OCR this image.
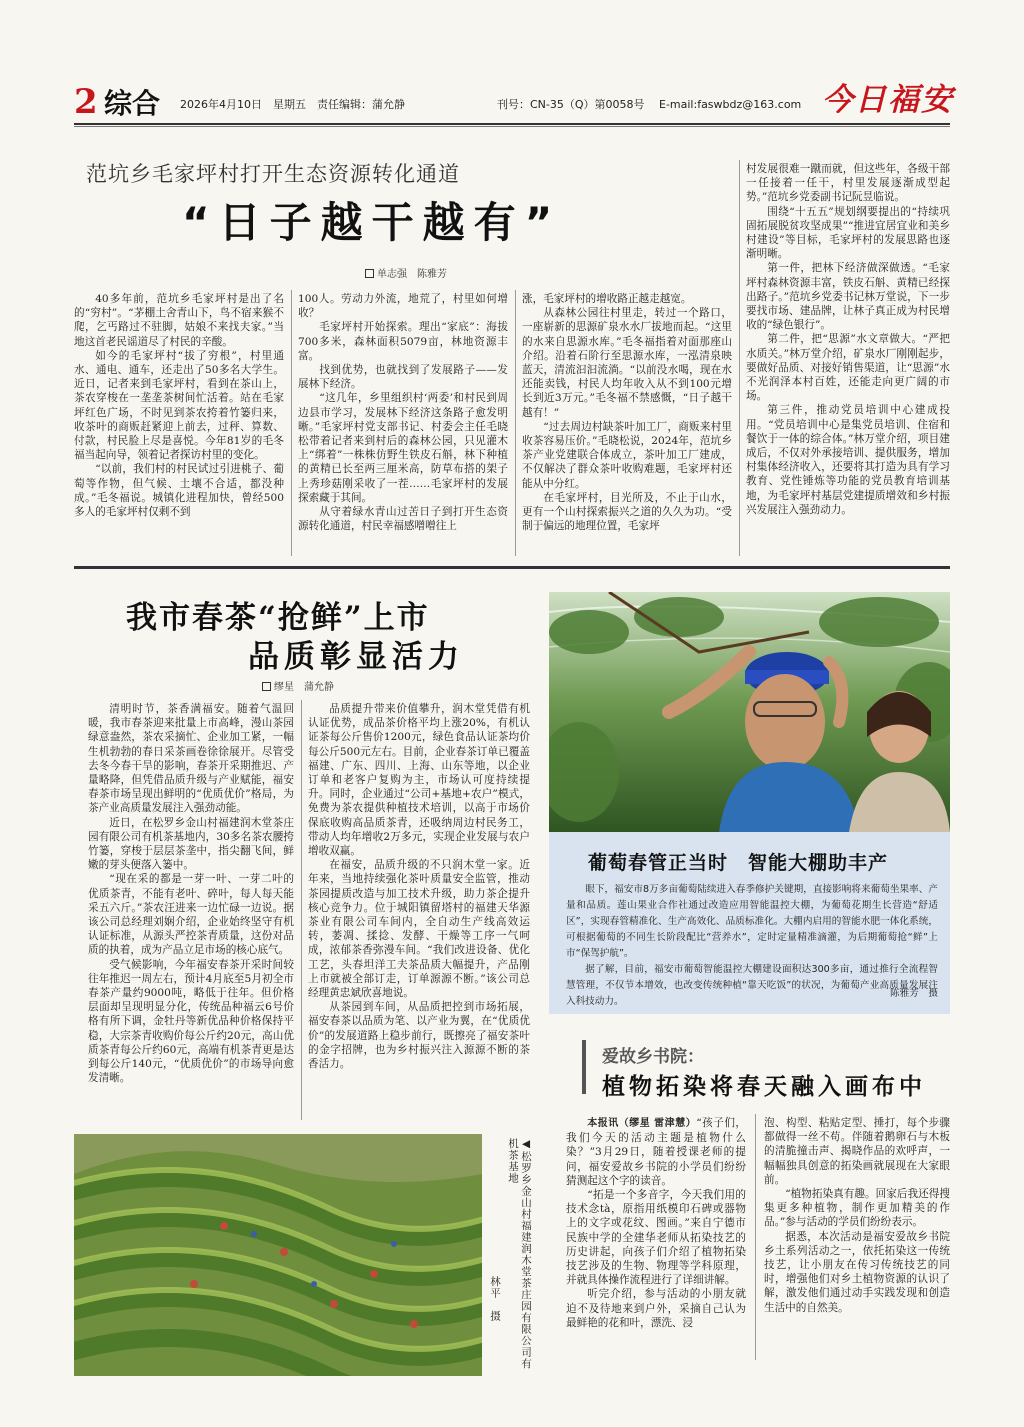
2 综合 2026年4月10日　星期五　责任编辑：蒲允静	刊号：CN-35（Q）第0058号 E-mail:faswbdz@163.com 今日福安
范坑乡毛家坪村打开生态资源转化通道
“日子越干越有”
单志强　陈雅芳

40多年前，范坑乡毛家坪村是出了名的“穷村”。“茅棚土舍青山下，鸟不宿来猴不爬，乞丐路过不驻脚，姑娘不来找夫家。”当地这首老民谣道尽了村民的辛酸。

如今的毛家坪村“拔了穷根”，村里通水、通电、通车，还走出了50多名大学生。近日，记者来到毛家坪村，看到在茶山上，茶农穿梭在一垄垄茶树间忙活着。站在毛家坪红色广场，不时见到茶农挎着竹篓归来，收茶叶的商贩赶紧迎上前去，过秤、算数、付款，村民脸上尽是喜悦。今年81岁的毛冬福当起向导，领着记者探访村里的变化。

“以前，我们村的村民试过引进桃子、葡萄等作物，但气候、土壤不合适，都没种成。”毛冬福说。城镇化进程加快，曾经500多人的毛家坪村仅剩不到

100人。劳动力外流，地荒了，村里如何增收？

毛家坪村开始探索。理出“家底”：海拔700多米，森林面积5079亩，林地资源丰富。

找到优势，也就找到了发展路子——发展林下经济。

“这几年，乡里组织村‘两委’和村民到周边县市学习，发展林下经济这条路子愈发明晰。”毛家坪村党支部书记、村委会主任毛晓松带着记者来到村后的森林公园，只见灌木上“绑着”一株株仿野生铁皮石斛，林下种植的黄精已长至两三厘米高，防草布搭的架子上秀珍菇刚采收了一茬……毛家坪村的发展探索藏于其间。

从守着绿水青山过苦日子到打开生态资源转化通道，村民幸福感噌噌往上

涨，毛家坪村的增收路正越走越宽。

从森林公园往村里走，转过一个路口，一座崭新的思源矿泉水水厂拔地而起。“这里的水来自思源水库。”毛冬福指着对面那座山介绍。沿着石阶行至思源水库，一泓清泉映蓝天，清流汩汩流淌。“以前没水喝，现在水还能卖钱，村民人均年收入从不到100元增长到近3万元。”毛冬福不禁感慨，“日子越干越有！”

“过去周边村缺茶叶加工厂，商贩来村里收茶容易压价。”毛晓松说，2024年，范坑乡茶产业党建联合体成立，茶叶加工厂建成，不仅解决了群众茶叶收购难题，毛家坪村还能从中分红。

在毛家坪村，目光所及，不止于山水，更有一个山村探索振兴之道的久久为功。“受制于偏远的地理位置，毛家坪

村发展很难一蹴而就，但这些年，各级干部一任接着一任干，村里发展逐渐成型起势。”范坑乡党委副书记阮昱临说。

围绕“十五五”规划纲要提出的“持续巩固拓展脱贫攻坚成果”“推进宜居宜业和美乡村建设”等目标，毛家坪村的发展思路也逐渐明晰。

第一件，把林下经济做深做透。“毛家坪村森林资源丰富，铁皮石斛、黄精已经探出路子。”范坑乡党委书记林万堂说，下一步要找市场、建品牌，让林子真正成为村民增收的“绿色银行”。

第二件，把“思源”水文章做大。“严把水质关。”林万堂介绍，矿泉水厂刚刚起步，要做好品质、对接好销售渠道，让“思源”水不光润泽本村百姓，还能走向更广阔的市场。

第三件，推动党员培训中心建成投用。“党员培训中心是集党员培训、住宿和餐饮于一体的综合体。”林万堂介绍，项目建成后，不仅对外承接培训、提供服务，增加村集体经济收入，还要将其打造为具有学习教育、党性锤炼等功能的党员教育培训基地，为毛家坪村基层党建提质增效和乡村振兴发展注入强劲动力。

我市春茶“抢鲜”上市
品质彰显活力
缪星　蒲允静

清明时节，茶香满福安。随着气温回暖，我市春茶迎来批量上市高峰，漫山茶园绿意盎然，茶农采摘忙、企业加工紧，一幅生机勃勃的春日采茶画卷徐徐展开。尽管受去冬今春干旱的影响，春茶开采期推迟、产量略降，但凭借品质升级与产业赋能，福安春茶市场呈现出鲜明的“优质优价”格局，为茶产业高质量发展注入强劲动能。

近日，在松罗乡金山村福建润木堂茶庄园有限公司有机茶基地内，30多名茶农腰挎竹篓，穿梭于层层茶垄中，指尖翻飞间，鲜嫩的芽头便落入篓中。

“现在采的都是一芽一叶、一芽二叶的优质茶青，不能有老叶、碎叶，每人每天能采五六斤。”茶农汪进来一边忙碌一边说。据该公司总经理刘娴介绍，企业始终坚守有机认证标准，从源头严控茶青质量，这份对品质的执着，成为产品立足市场的核心底气。

受气候影响，今年福安春茶开采时间较往年推迟一周左右，预计4月底至5月初全市春茶产量约9000吨，略低于往年。但价格层面却呈现明显分化，传统品种福云6号价格有所下调，金牡丹等新优品种价格保持平稳，大宗茶青收购价每公斤约20元，高山优质茶青每公斤约60元，高端有机茶青更是达到每公斤140元，“优质优价”的市场导向愈发清晰。

品质提升带来价值攀升，润木堂凭借有机认证优势，成品茶价格平均上涨20%，有机认证茶每公斤售价1200元，绿色食品认证茶均价每公斤500元左右。目前，企业春茶订单已覆盖福建、广东、四川、上海、山东等地，以企业订单和老客户复购为主，市场认可度持续提升。同时，企业通过“公司+基地+农户”模式，免费为茶农提供种植技术培训，以高于市场价保底收购高品质茶青，还吸纳周边村民务工，带动人均年增收2万多元，实现企业发展与农户增收双赢。

在福安，品质升级的不只润木堂一家。近年来，当地持续强化茶叶质量安全监管，推动茶园提质改造与加工技术升级，助力茶企提升核心竞争力。位于城阳镇留塔村的福建天华源茶业有限公司车间内，全自动生产线高效运转，萎凋、揉捻、发酵、干燥等工序一气呵成，浓郁茶香弥漫车间。“我们改进设备、优化工艺，头春坦洋工夫茶品质大幅提升，产品刚上市就被全部订走，订单源源不断。”该公司总经理黄忠斌欣喜地说。

从茶园到车间，从品质把控到市场拓展，福安春茶以品质为笔、以产业为翼，在“优质优价”的发展道路上稳步前行，既擦亮了福安茶叶的金字招牌，也为乡村振兴注入源源不断的茶香活力。

葡萄春管正当时　智能大棚助丰产

眼下，福安市8万多亩葡萄陆续进入春季修护关键期，直接影响将来葡萄坐果率、产量和品质。莲山果业合作社通过改造应用智能温控大棚，为葡萄花期生长营造“舒适区”，实现春管精准化、生产高效化、品质标准化。大棚内启用的智能水肥一体化系统，可根据葡萄的不同生长阶段配比“营养水”，定时定量精准滴灌，为后期葡萄抢“鲜”上市“保驾护航”。

据了解，目前，福安市葡萄智能温控大棚建设面积达300多亩，通过推行全流程智慧管理，不仅节本增效，也改变传统种植“靠天吃饭”的状况，为葡萄产业高质量发展注入科技动力。

陈雅芳　摄
爱故乡书院：
植物拓染将春天融入画布中

本报讯（缪星 雷津慧）“孩子们，我们今天的活动主题是植物什么染？”3月29日，随着授课老师的提问，福安爱故乡书院的小学员们纷纷猜测起这个字的读音。

“拓是一个多音字，今天我们用的技术念tà，原指用纸模印石碑或器物上的文字或花纹、图画。”来自宁德市民族中学的全建华老师从拓染技艺的历史讲起，向孩子们介绍了植物拓染技艺涉及的生物、物理等学科原理，并就具体操作流程进行了详细讲解。

听完介绍，参与活动的小朋友就迫不及待地来到户外，采摘自己认为最鲜艳的花和叶，漂洗、浸

泡、构型、粘贴定型、捶打，每个步骤都做得一丝不苟。伴随着鹅卵石与木板的清脆撞击声、揭晓作品的欢呼声，一幅幅独具创意的拓染画就展现在大家眼前。

“植物拓染真有趣。回家后我还得搜集更多种植物，制作更加精美的作品。”参与活动的学员们纷纷表示。

据悉，本次活动是福安爱故乡书院乡土系列活动之一，依托拓染这一传统技艺，让小朋友在传习传统技艺的同时，增强他们对乡土植物资源的认识了解，激发他们通过动手实践发现和创造生活中的自然美。

◀松罗乡金山村福建润木堂茶庄园有限公司有机茶基地
林平　摄
